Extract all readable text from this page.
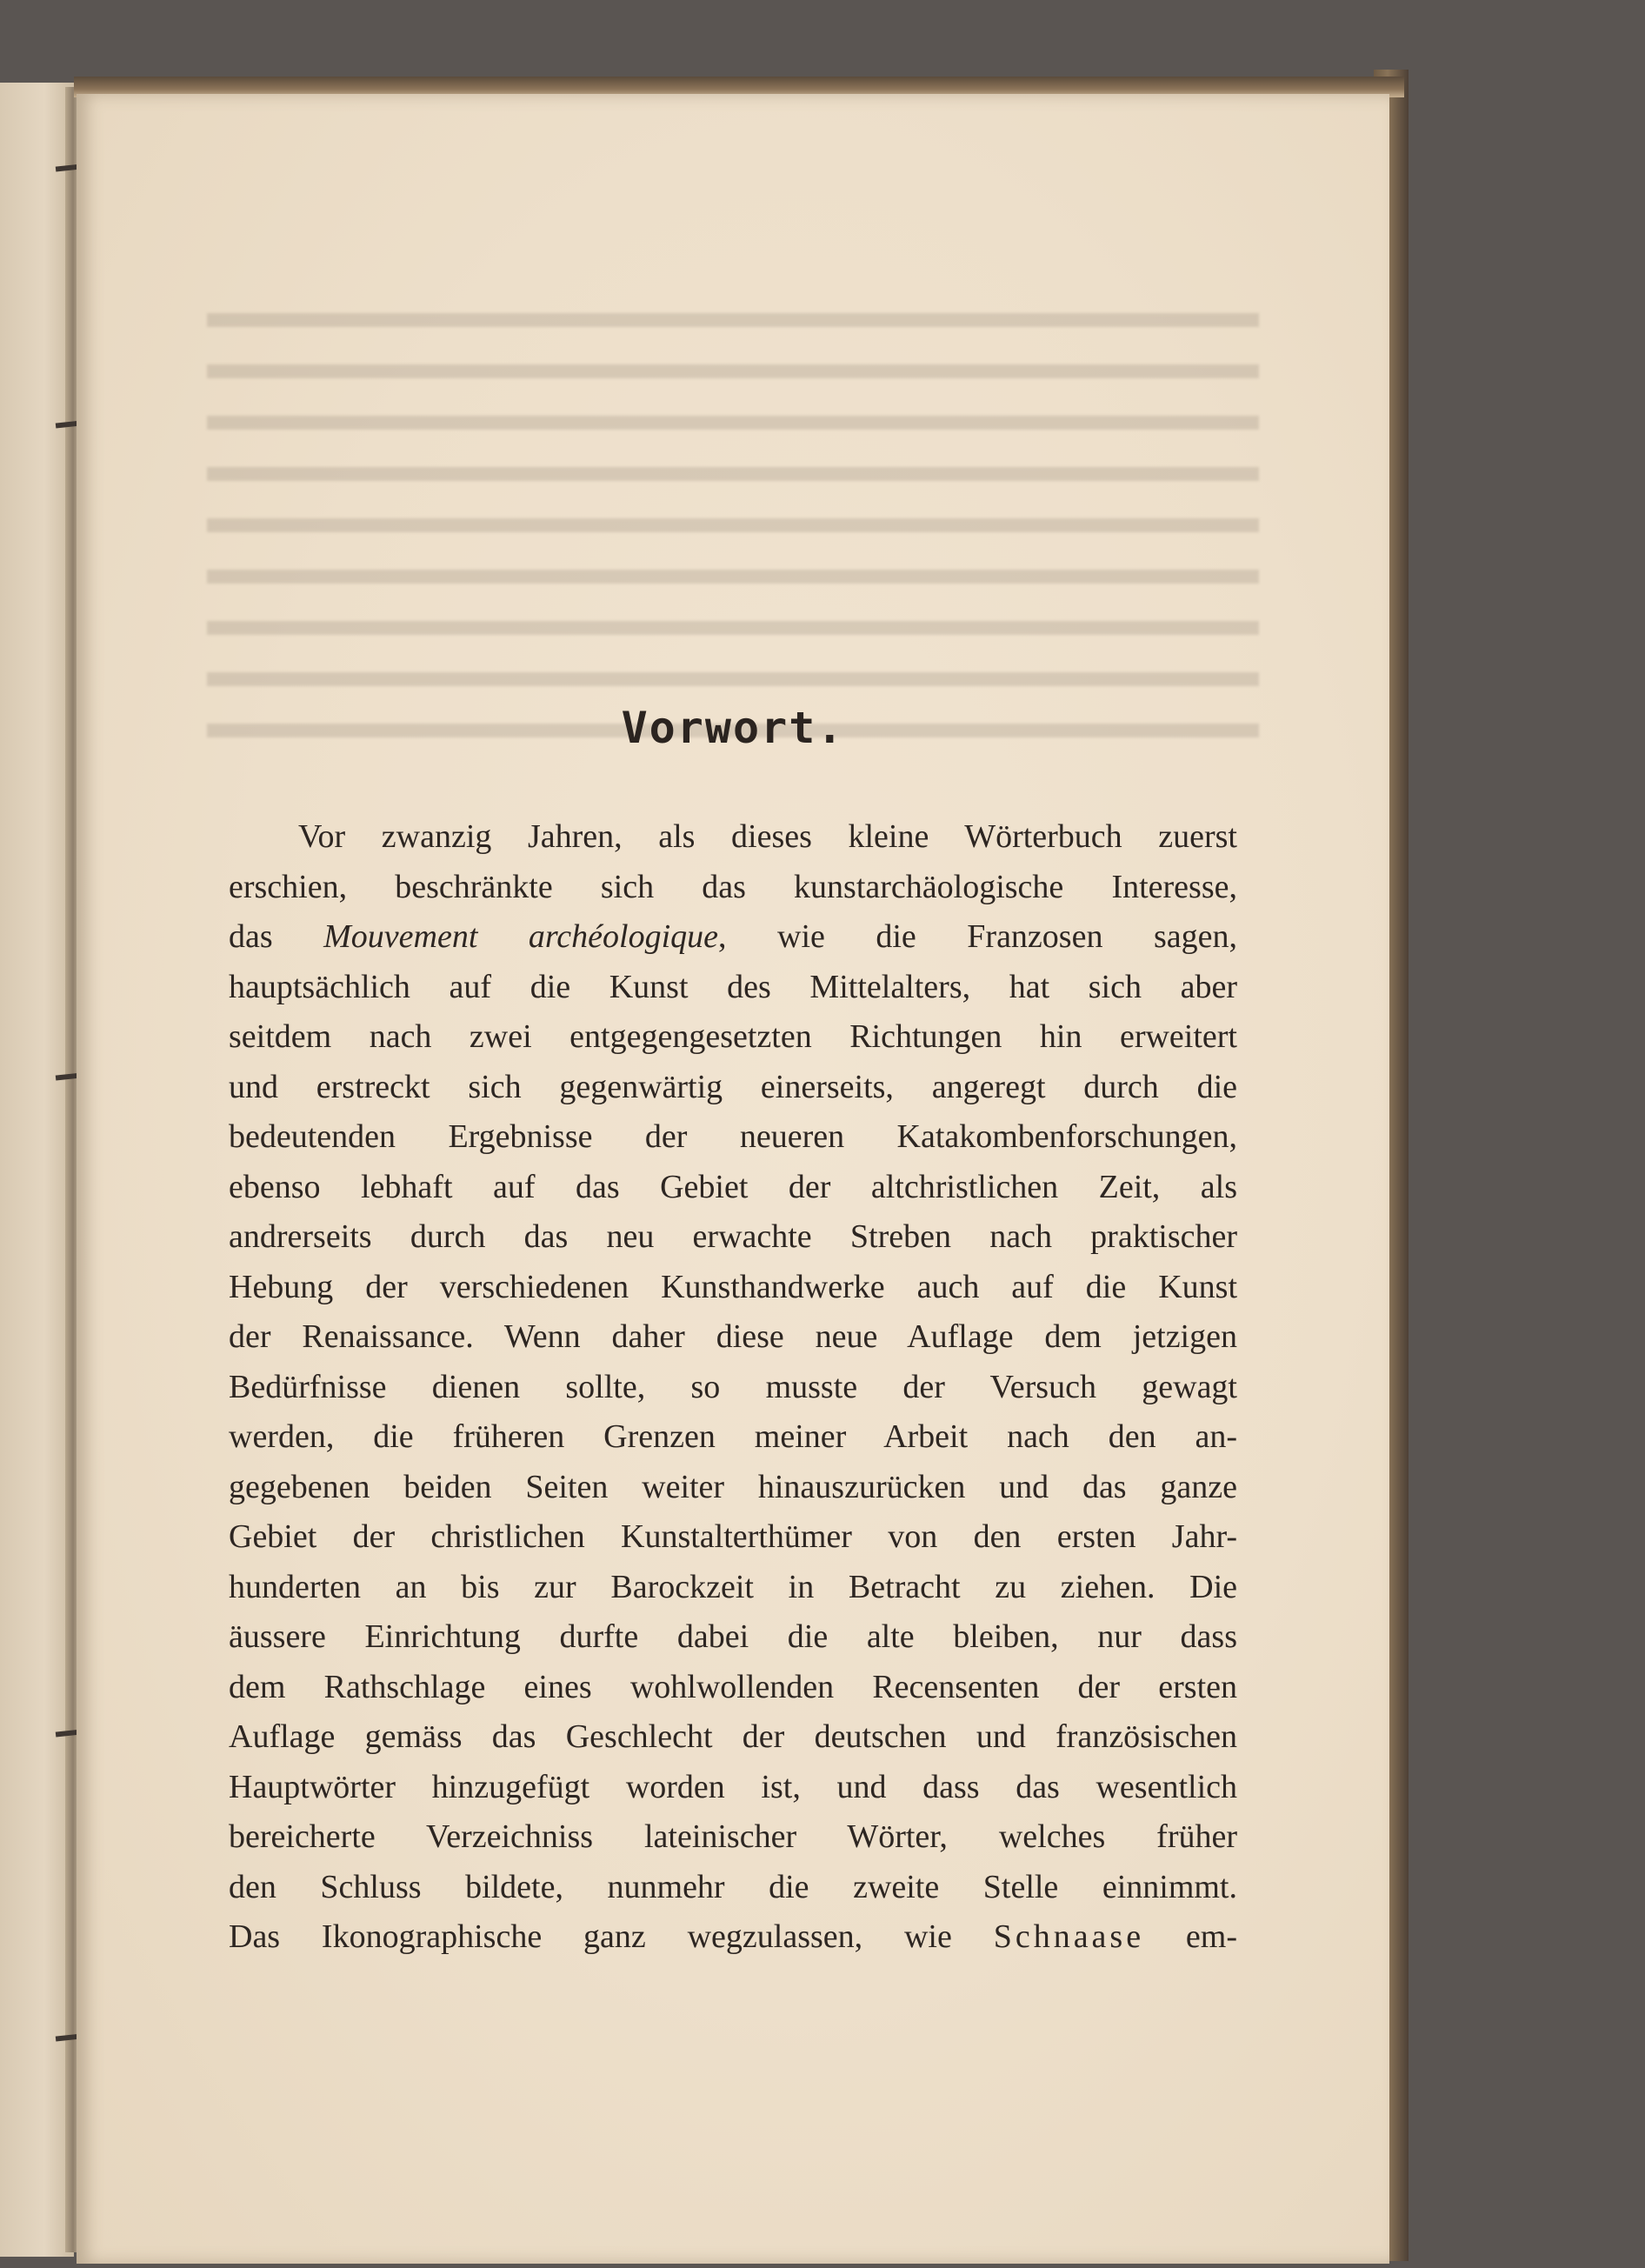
Vorwort.
Vor zwanzig Jahren, als dieses kleine Wörterbuch zuerst
erschien, beschränkte sich das kunstarchäologische Interesse,
das Mouvement archéologique, wie die Franzosen sagen,
hauptsächlich auf die Kunst des Mittelalters, hat sich aber
seitdem nach zwei entgegengesetzten Richtungen hin erweitert
und erstreckt sich gegenwärtig einerseits, angeregt durch die
bedeutenden Ergebnisse der neueren Katakombenforschungen,
ebenso lebhaft auf das Gebiet der altchristlichen Zeit, als
andrerseits durch das neu erwachte Streben nach praktischer
Hebung der verschiedenen Kunsthandwerke auch auf die Kunst
der Renaissance. Wenn daher diese neue Auflage dem jetzigen
Bedürfnisse dienen sollte, so musste der Versuch gewagt
werden, die früheren Grenzen meiner Arbeit nach den an-
gegebenen beiden Seiten weiter hinauszurücken und das ganze
Gebiet der christlichen Kunstalterthümer von den ersten Jahr-
hunderten an bis zur Barockzeit in Betracht zu ziehen. Die
äussere Einrichtung durfte dabei die alte bleiben, nur dass
dem Rathschlage eines wohlwollenden Recensenten der ersten
Auflage gemäss das Geschlecht der deutschen und französischen
Hauptwörter hinzugefügt worden ist, und dass das wesentlich
bereicherte Verzeichniss lateinischer Wörter, welches früher
den Schluss bildete, nunmehr die zweite Stelle einnimmt.
Das Ikonographische ganz wegzulassen, wie Schnaase em-
